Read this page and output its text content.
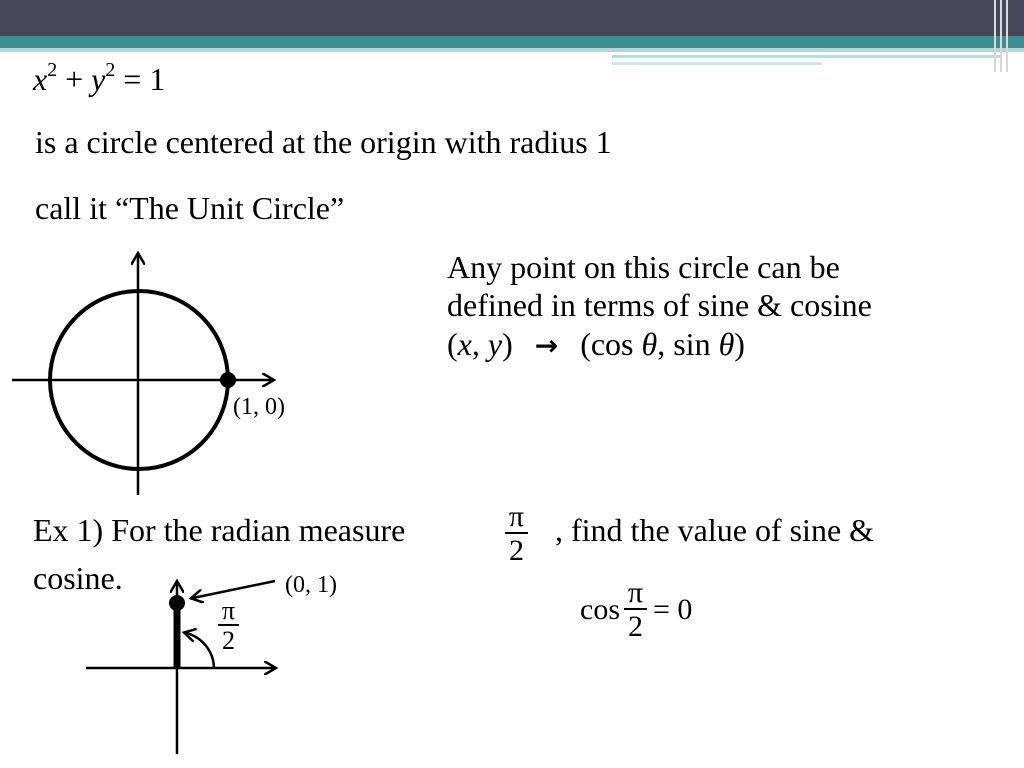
$x^2 + y^2 = 1$
is a circle centered at the origin with radius 1
call it “The Unit Circle”
Any point on this circle can be
defined in terms of sine & cosine
(x, y) → (cos θ, sin θ)
(1, 0)
Ex 1) For the radian measure	$\frac{\pi}{2}$ , find the value of sine &
cosine.	(0, 1)
$\frac{\pi}{2}$	$\cos \frac{\pi}{2} = 0$
